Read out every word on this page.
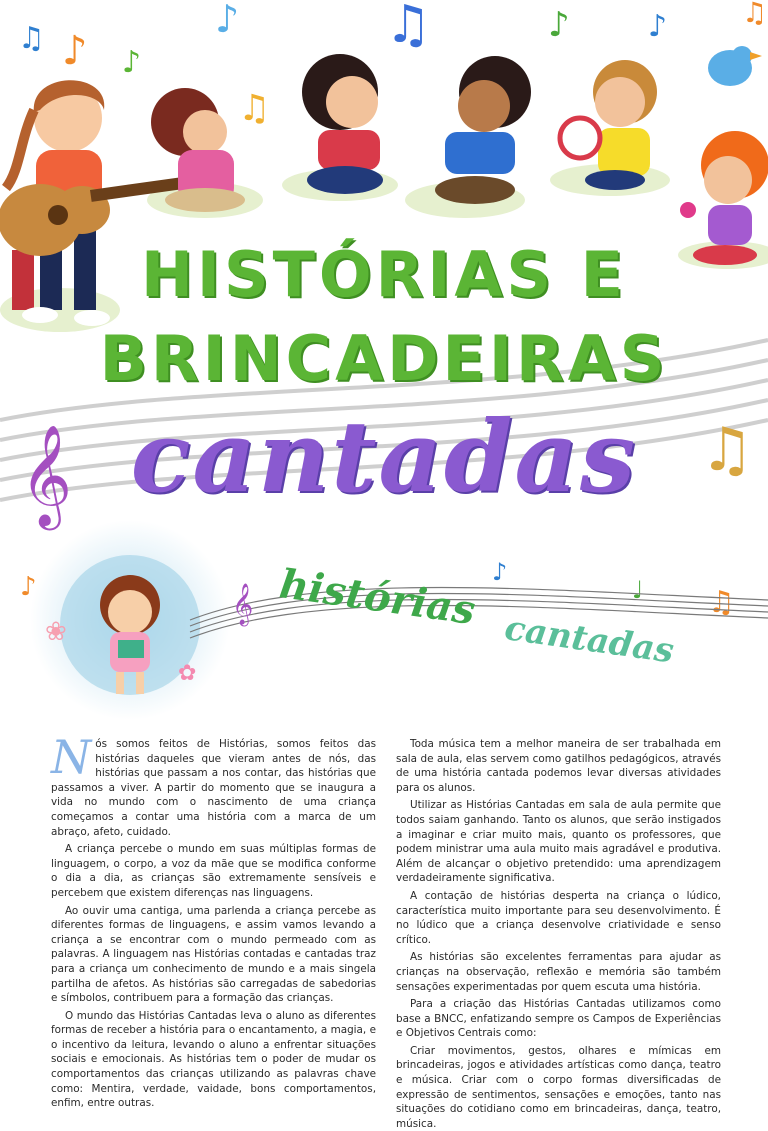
𝄞	♫
♫ ♪ ♪
♪	♫	♪	♪	♫
♫
HISTÓRIAS E
BRINCADEIRAS
cantadas
❀
✿
♪	♪
♩ ♫
𝄞 histórias
cantadas

Nós somos feitos de Histórias, somos feitos das histórias daqueles que vieram antes de nós, das histórias que passam a nos contar, das histórias que passamos a viver. A partir do momento que se inaugura a vida no mundo com o nascimento de uma criança começamos a contar uma história com a marca de um abraço, afeto, cuidado.

A criança percebe o mundo em suas múltiplas formas de linguagem, o corpo, a voz da mãe que se modifica conforme o dia a dia, as crianças são extremamente sensíveis e percebem que existem diferenças nas linguagens.

Ao ouvir uma cantiga, uma parlenda a criança percebe as diferentes formas de linguagens, e assim vamos levando a criança a se encontrar com o mundo permeado com as palavras. A linguagem nas Histórias contadas e cantadas traz para a criança um conhecimento de mundo e a mais singela partilha de afetos. As histórias são carregadas de sabedorias e símbolos, contribuem para a formação das crianças.

O mundo das Histórias Cantadas leva o aluno as diferentes formas de receber a história para o encantamento, a magia, e o incentivo da leitura, levando o aluno a enfrentar situações sociais e emocionais. As histórias tem o poder de mudar os comportamentos das crianças utilizando as palavras chave como: Mentira, verdade, vaidade, bons comportamentos, enfim, entre outras.

Toda música tem a melhor maneira de ser trabalhada em sala de aula, elas servem como gatilhos pedagógicos, através de uma história cantada podemos levar diversas atividades para os alunos.

Utilizar as Histórias Cantadas em sala de aula permite que todos saiam ganhando. Tanto os alunos, que serão instigados a imaginar e criar muito mais, quanto os professores, que podem ministrar uma aula muito mais agradável e produtiva. Além de alcançar o objetivo pretendido: uma aprendizagem verdadeiramente significativa.

A contação de histórias desperta na criança o lúdico, característica muito importante para seu desenvolvimento. É no lúdico que a criança desenvolve criatividade e senso crítico.

As histórias são excelentes ferramentas para ajudar as crianças na observação, reflexão e memória são também sensações experimentadas por quem escuta uma história.

Para a criação das Histórias Cantadas utilizamos como base a BNCC, enfatizando sempre os Campos de Experiências e Objetivos Centrais como:

Criar movimentos, gestos, olhares e mímicas em brincadeiras, jogos e atividades artísticas como dança, teatro e música. Criar com o corpo formas diversificadas de expressão de sentimentos, sensações e emoções, tanto nas situações do cotidiano como em brincadeiras, dança, teatro, música.
